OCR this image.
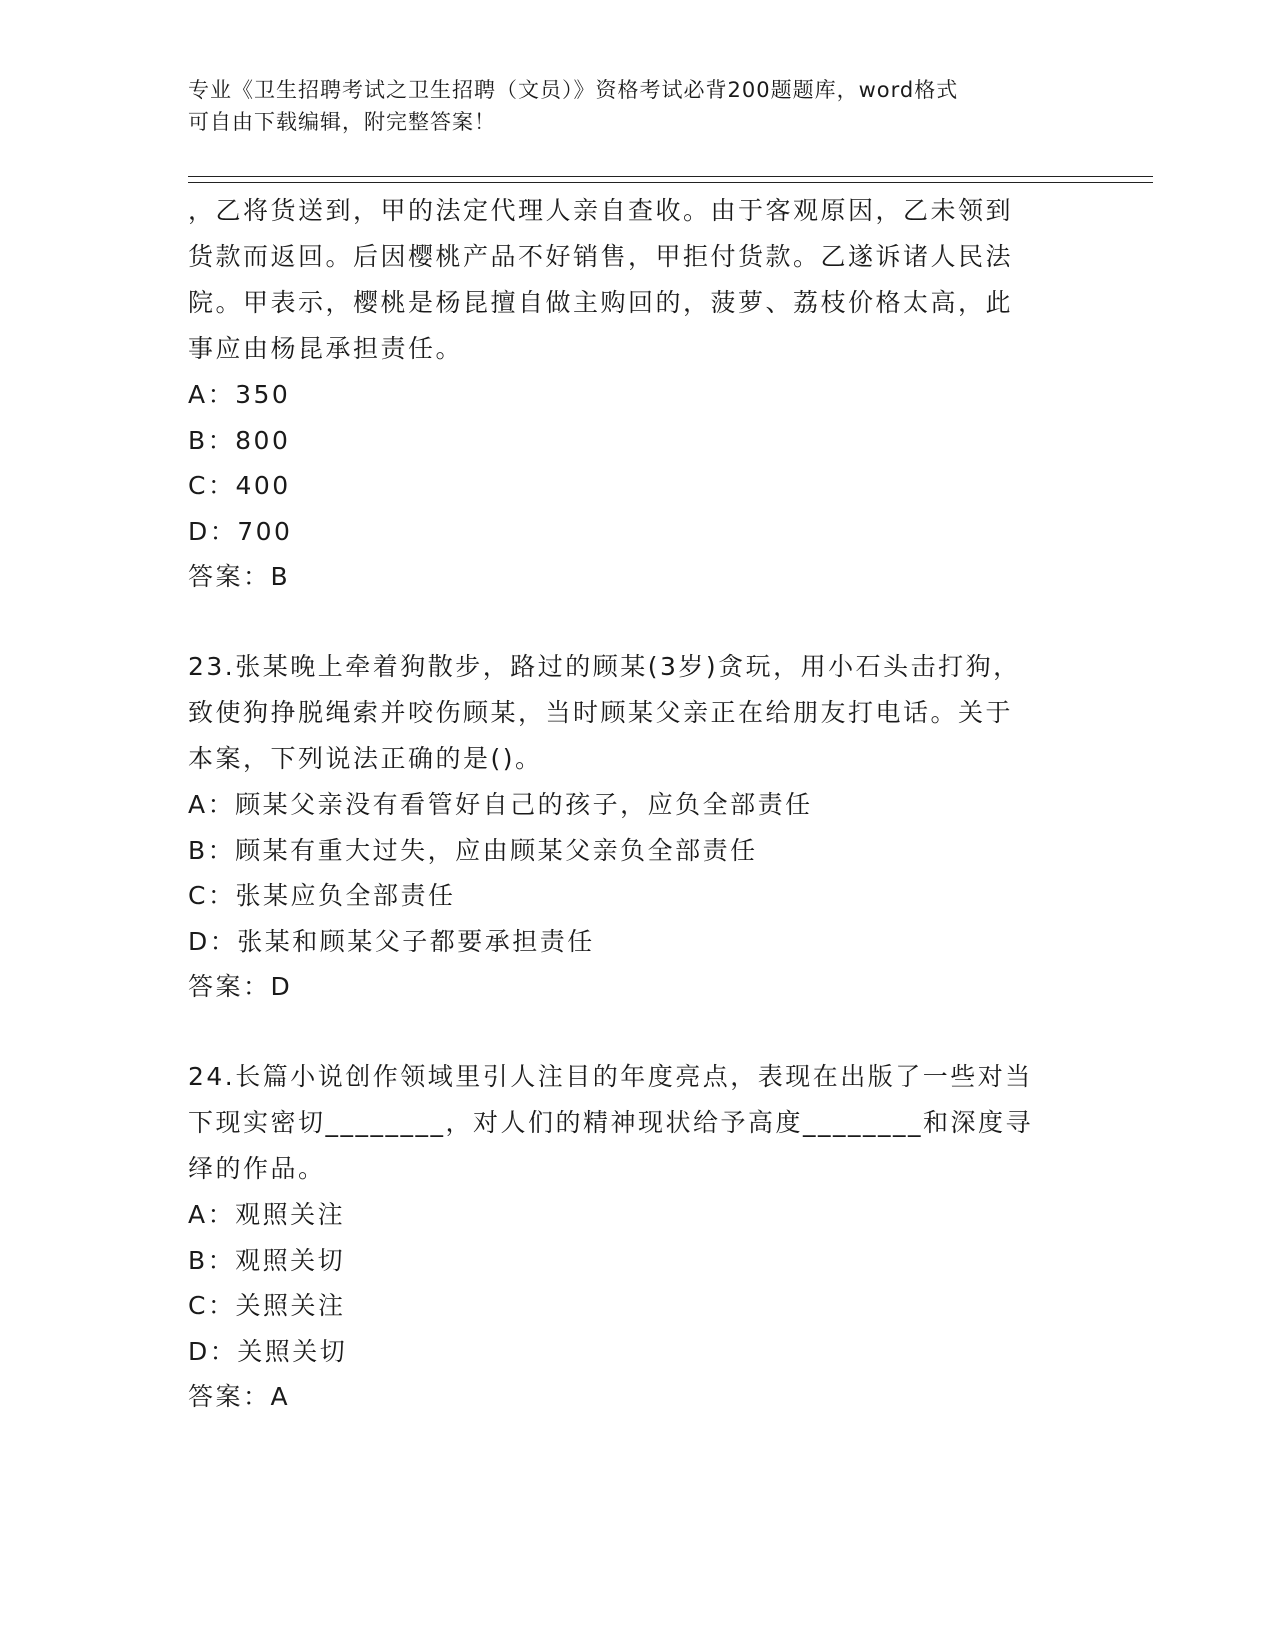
专业《卫生招聘考试之卫生招聘（文员）》资格考试必背200题题库，word格式
可自由下载编辑，附完整答案！

，乙将货送到，甲的法定代理人亲自查收。由于客观原因，乙未领到

货款而返回。后因樱桃产品不好销售，甲拒付货款。乙遂诉诸人民法

院。甲表示，樱桃是杨昆擅自做主购回的，菠萝、荔枝价格太高，此

事应由杨昆承担责任。

A：350

B：800

C：400

D：700

答案：B

23.张某晚上牵着狗散步，路过的顾某(3岁)贪玩，用小石头击打狗，

致使狗挣脱绳索并咬伤顾某，当时顾某父亲正在给朋友打电话。关于

本案，下列说法正确的是()。

A：顾某父亲没有看管好自己的孩子，应负全部责任

B：顾某有重大过失，应由顾某父亲负全部责任

C：张某应负全部责任

D：张某和顾某父子都要承担责任

答案：D

24.长篇小说创作领域里引人注目的年度亮点，表现在出版了一些对当

下现实密切________，对人们的精神现状给予高度________和深度寻

绎的作品。

A：观照关注

B：观照关切

C：关照关注

D：关照关切

答案：A
